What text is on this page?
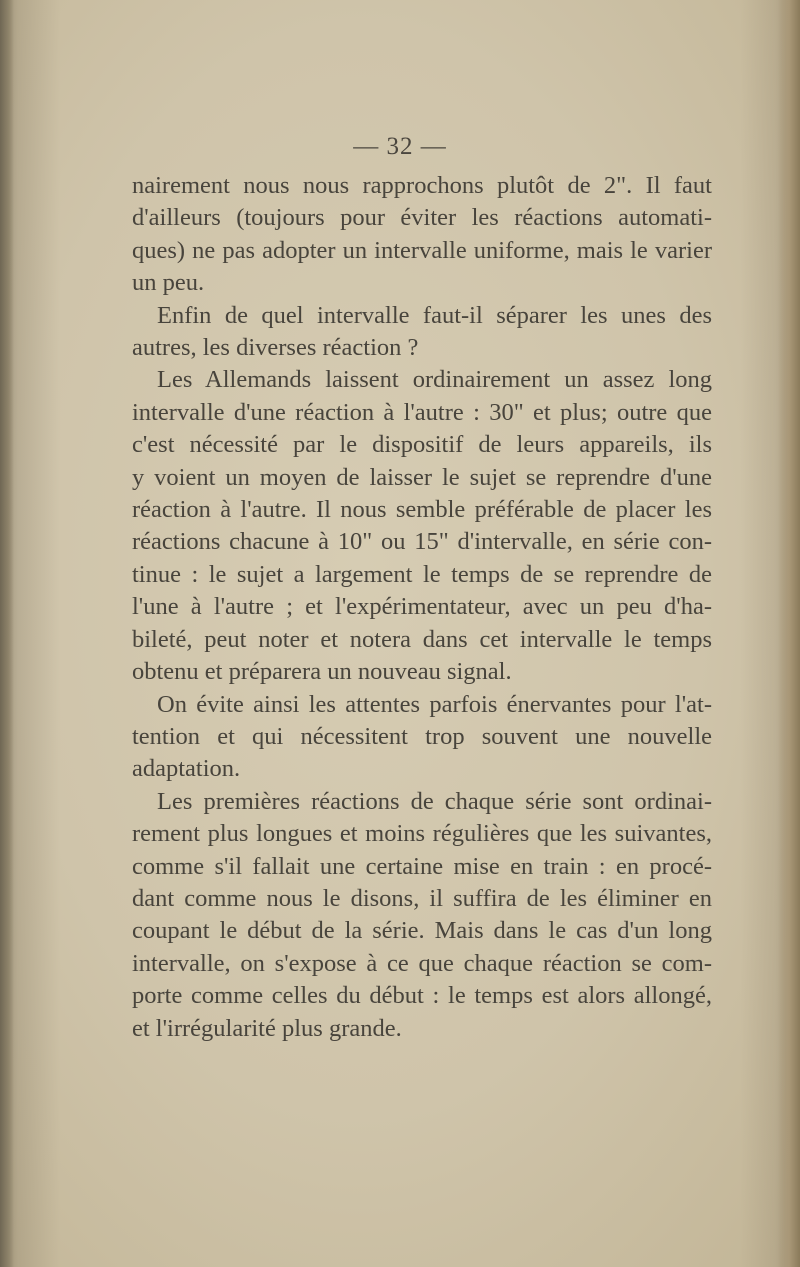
— 32 —

nairement nous nous rapprochons plutôt de 2". Il faut
d'ailleurs (toujours pour éviter les réactions automati-
ques) ne pas adopter un intervalle uniforme, mais le varier
un peu.

Enfin de quel intervalle faut-il séparer les unes des
autres, les diverses réaction ?

Les Allemands laissent ordinairement un assez long
intervalle d'une réaction à l'autre : 30" et plus; outre que
c'est nécessité par le dispositif de leurs appareils, ils
y voient un moyen de laisser le sujet se reprendre d'une
réaction à l'autre. Il nous semble préférable de placer les
réactions chacune à 10" ou 15" d'intervalle, en série con-
tinue : le sujet a largement le temps de se reprendre de
l'une à l'autre ; et l'expérimentateur, avec un peu d'ha-
bileté, peut noter et notera dans cet intervalle le temps
obtenu et préparera un nouveau signal.

On évite ainsi les attentes parfois énervantes pour l'at-
tention et qui nécessitent trop souvent une nouvelle
adaptation.

Les premières réactions de chaque série sont ordinai-
rement plus longues et moins régulières que les suivantes,
comme s'il fallait une certaine mise en train : en procé-
dant comme nous le disons, il suffira de les éliminer en
coupant le début de la série. Mais dans le cas d'un long
intervalle, on s'expose à ce que chaque réaction se com-
porte comme celles du début : le temps est alors allongé,
et l'irrégularité plus grande.
